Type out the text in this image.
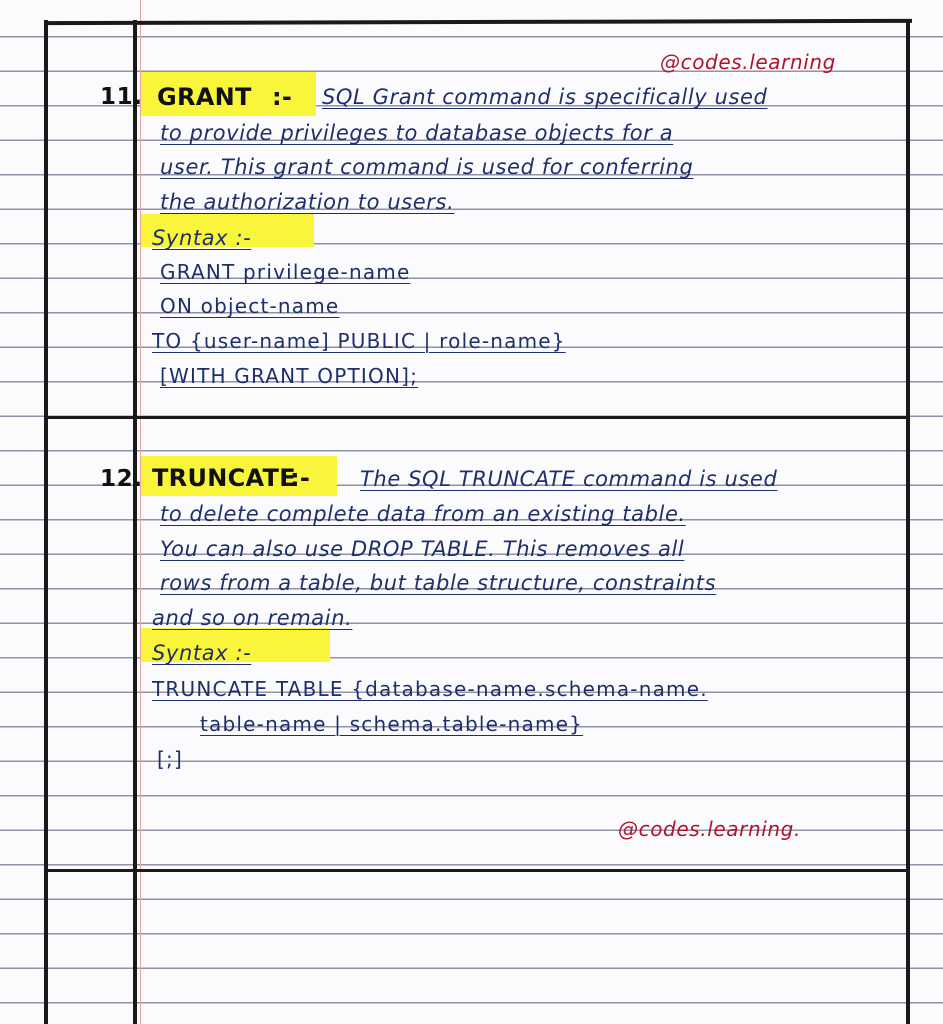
@codes.learning
11. GRANT :- SQL Grant command is specifically used
to provide privileges to database objects for a
user. This grant command is used for conferring
the authorization to users.
Syntax :-
GRANT privilege-name
ON object-name
TO {user-name] PUBLIC | role-name}
[WITH GRANT OPTION];
12. TRUNCATE
:- The SQL TRUNCATE command is used
to delete complete data from an existing table.
You can also use DROP TABLE. This removes all
rows from a table, but table structure, constraints
and so on remain.
Syntax :-
TRUNCATE TABLE {database-name.schema-name.
table-name | schema.table-name}
[;]
@codes.learning.
